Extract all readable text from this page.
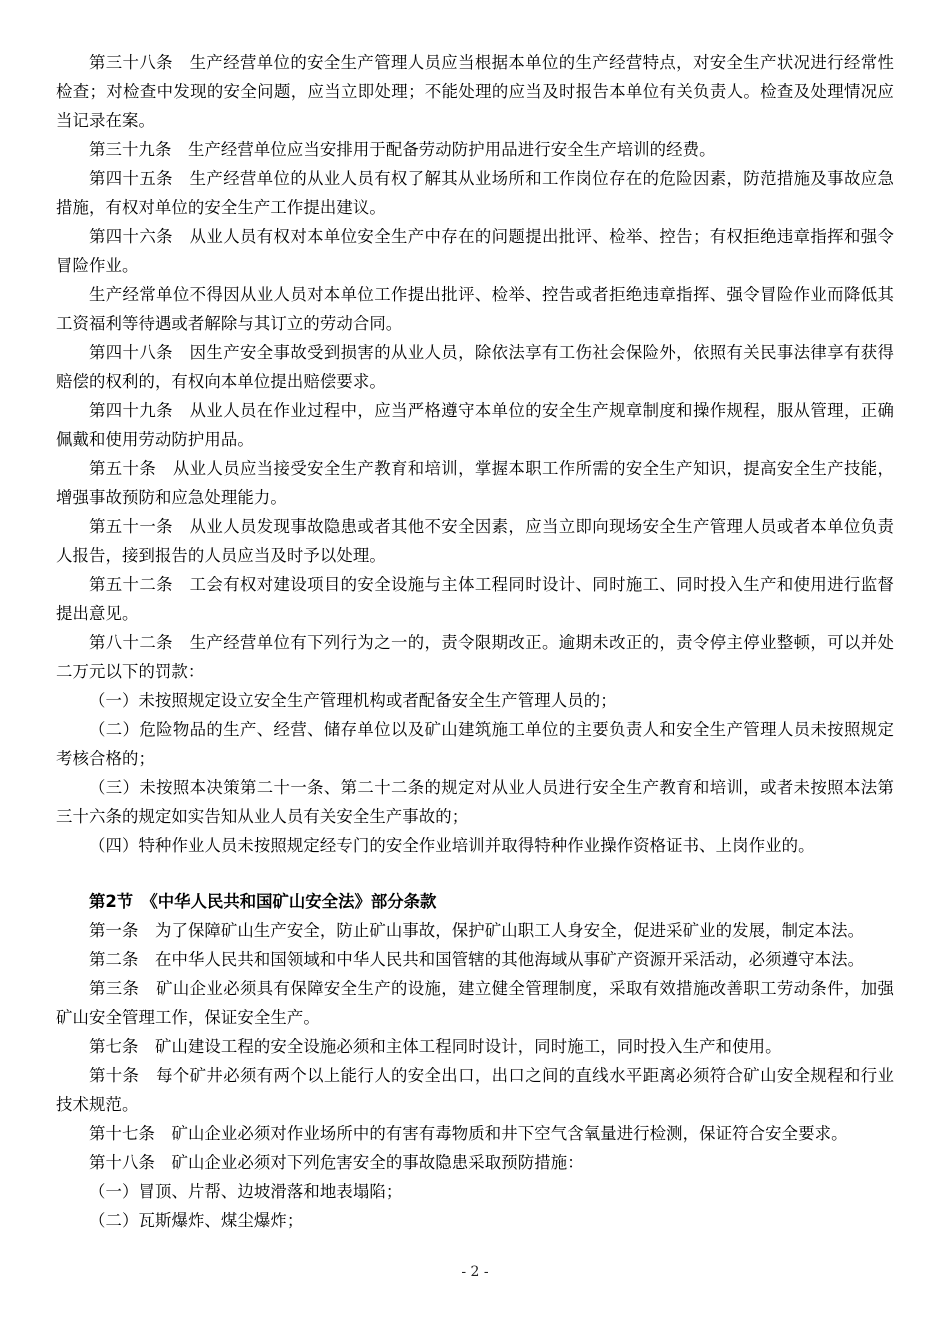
第三十八条　生产经营单位的安全生产管理人员应当根据本单位的生产经营特点，对安全生产状况进行经常性检查；对检查中发现的安全问题，应当立即处理；不能处理的应当及时报告本单位有关负责人。检查及处理情况应当记录在案。

第三十九条　生产经营单位应当安排用于配备劳动防护用品进行安全生产培训的经费。

第四十五条　生产经营单位的从业人员有权了解其从业场所和工作岗位存在的危险因素，防范措施及事故应急措施，有权对单位的安全生产工作提出建议。

第四十六条　从业人员有权对本单位安全生产中存在的问题提出批评、检举、控告；有权拒绝违章指挥和强令冒险作业。

生产经常单位不得因从业人员对本单位工作提出批评、检举、控告或者拒绝违章指挥、强令冒险作业而降低其工资福利等待遇或者解除与其订立的劳动合同。

第四十八条　因生产安全事故受到损害的从业人员，除依法享有工伤社会保险外，依照有关民事法律享有获得赔偿的权利的，有权向本单位提出赔偿要求。

第四十九条　从业人员在作业过程中，应当严格遵守本单位的安全生产规章制度和操作规程，服从管理，正确佩戴和使用劳动防护用品。

第五十条　从业人员应当接受安全生产教育和培训，掌握本职工作所需的安全生产知识，提高安全生产技能，增强事故预防和应急处理能力。

第五十一条　从业人员发现事故隐患或者其他不安全因素，应当立即向现场安全生产管理人员或者本单位负责人报告，接到报告的人员应当及时予以处理。

第五十二条　工会有权对建设项目的安全设施与主体工程同时设计、同时施工、同时投入生产和使用进行监督提出意见。

第八十二条　生产经营单位有下列行为之一的，责令限期改正。逾期未改正的，责令停主停业整顿，可以并处二万元以下的罚款：

（一）未按照规定设立安全生产管理机构或者配备安全生产管理人员的；

（二）危险物品的生产、经营、储存单位以及矿山建筑施工单位的主要负责人和安全生产管理人员未按照规定考核合格的；

（三）未按照本决策第二十一条、第二十二条的规定对从业人员进行安全生产教育和培训，或者未按照本法第三十六条的规定如实告知从业人员有关安全生产事故的；

（四）特种作业人员未按照规定经专门的安全作业培训并取得特种作业操作资格证书、上岗作业的。

第2节　《中华人民共和国矿山安全法》部分条款

第一条　为了保障矿山生产安全，防止矿山事故，保护矿山职工人身安全，促进采矿业的发展，制定本法。

第二条　在中华人民共和国领域和中华人民共和国管辖的其他海域从事矿产资源开采活动，必须遵守本法。

第三条　矿山企业必须具有保障安全生产的设施，建立健全管理制度，采取有效措施改善职工劳动条件，加强矿山安全管理工作，保证安全生产。

第七条　矿山建设工程的安全设施必须和主体工程同时设计，同时施工，同时投入生产和使用。

第十条　每个矿井必须有两个以上能行人的安全出口，出口之间的直线水平距离必须符合矿山安全规程和行业技术规范。

第十七条　矿山企业必须对作业场所中的有害有毒物质和井下空气含氧量进行检测，保证符合安全要求。

第十八条　矿山企业必须对下列危害安全的事故隐患采取预防措施：

（一）冒顶、片帮、边坡滑落和地表塌陷；

（二）瓦斯爆炸、煤尘爆炸；

- 2 -
